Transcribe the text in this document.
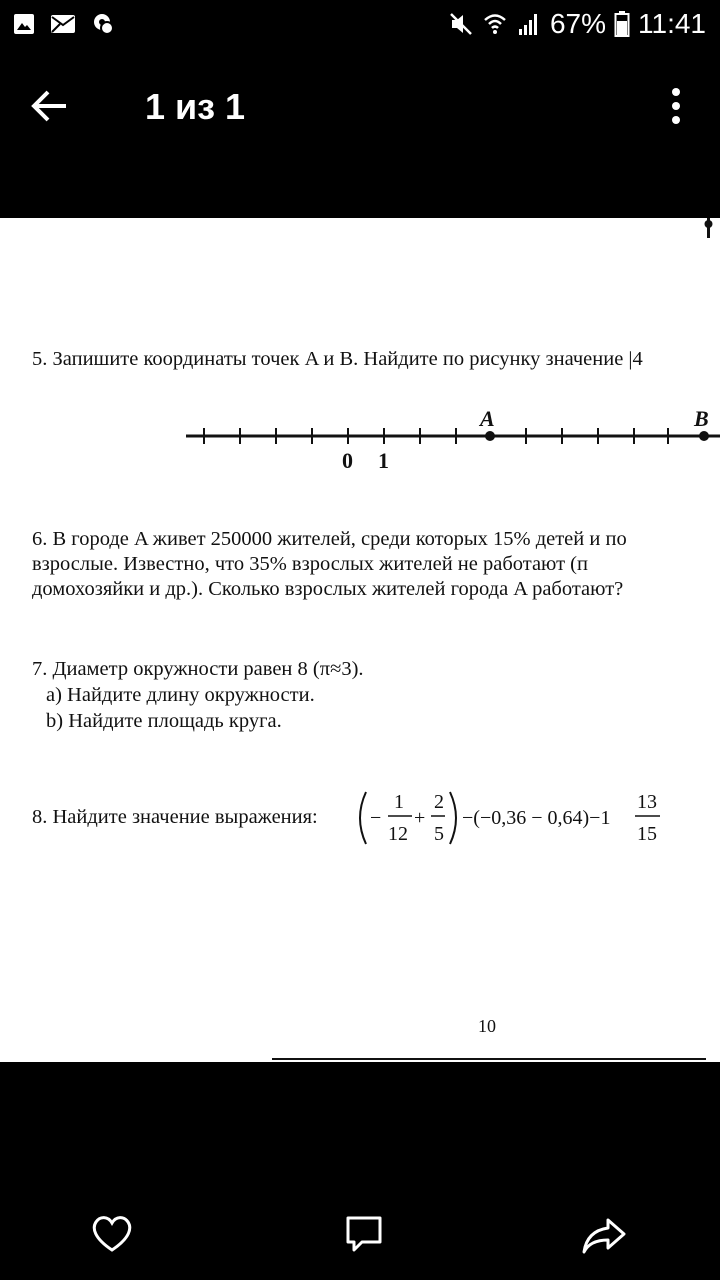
67% 11:41
1 из 1
5. Запишите координаты точек A и B. Найдите по рисунку значение |4
0 1
A	B
6. В городе A живет 250000 жителей, среди которых 15% детей и по
взрослые. Известно, что 35% взрослых жителей не работают (п
домохозяйки и др.). Сколько взрослых жителей города A работают?
7. Диаметр окружности равен 8 (π≈3).
a) Найдите длину окружности.
b) Найдите площадь круга.
8. Найдите значение выражения:	−
1
12
+
2
5
−(−0,36 − 0,64)−1
13
15
10
